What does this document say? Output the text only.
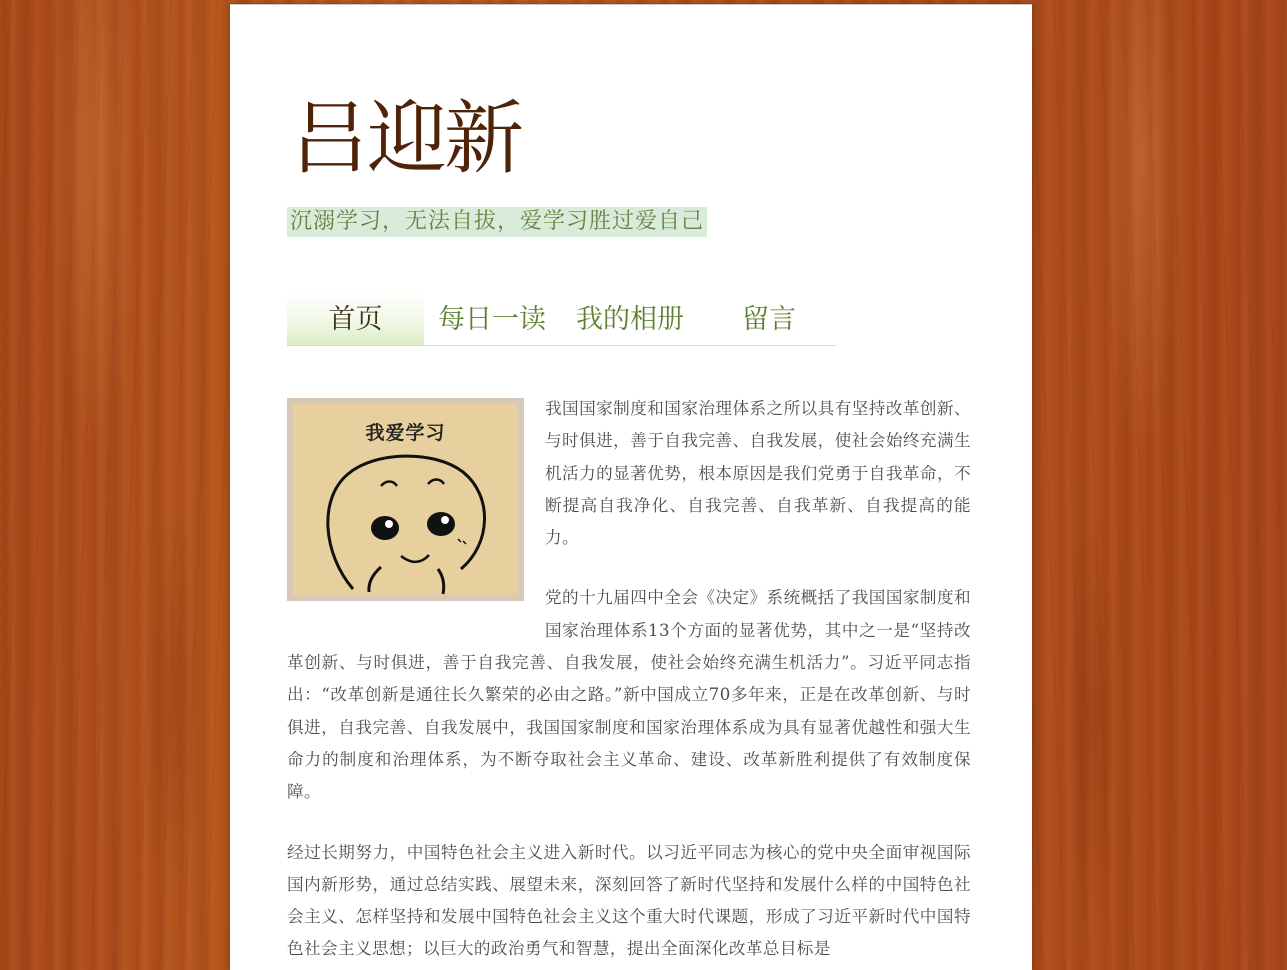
吕迎新
沉溺学习，无法自拔，爱学习胜过爱自己
首页	每日一读 我的相册 留言
我爱学习

我国国家制度和国家治理体系之所以具有坚持改革创新、与时俱进，善于自我完善、自我发展，使社会始终充满生机活力的显著优势，根本原因是我们党勇于自我革命，不断提高自我净化、自我完善、自我革新、自我提高的能力。

党的十九届四中全会《决定》系统概括了我国国家制度和国家治理体系13个方面的显著优势，其中之一是“坚持改革创新、与时俱进，善于自我完善、自我发展，使社会始终充满生机活力”。习近平同志指出：“改革创新是通往长久繁荣的必由之路。”新中国成立70多年来，正是在改革创新、与时俱进，自我完善、自我发展中，我国国家制度和国家治理体系成为具有显著优越性和强大生命力的制度和治理体系，为不断夺取社会主义革命、建设、改革新胜利提供了有效制度保障。

经过长期努力，中国特色社会主义进入新时代。以习近平同志为核心的党中央全面审视国际国内新形势，通过总结实践、展望未来，深刻回答了新时代坚持和发展什么样的中国特色社会主义、怎样坚持和发展中国特色社会主义这个重大时代课题，形成了习近平新时代中国特色社会主义思想；以巨大的政治勇气和智慧，提出全面深化改革总目标是
